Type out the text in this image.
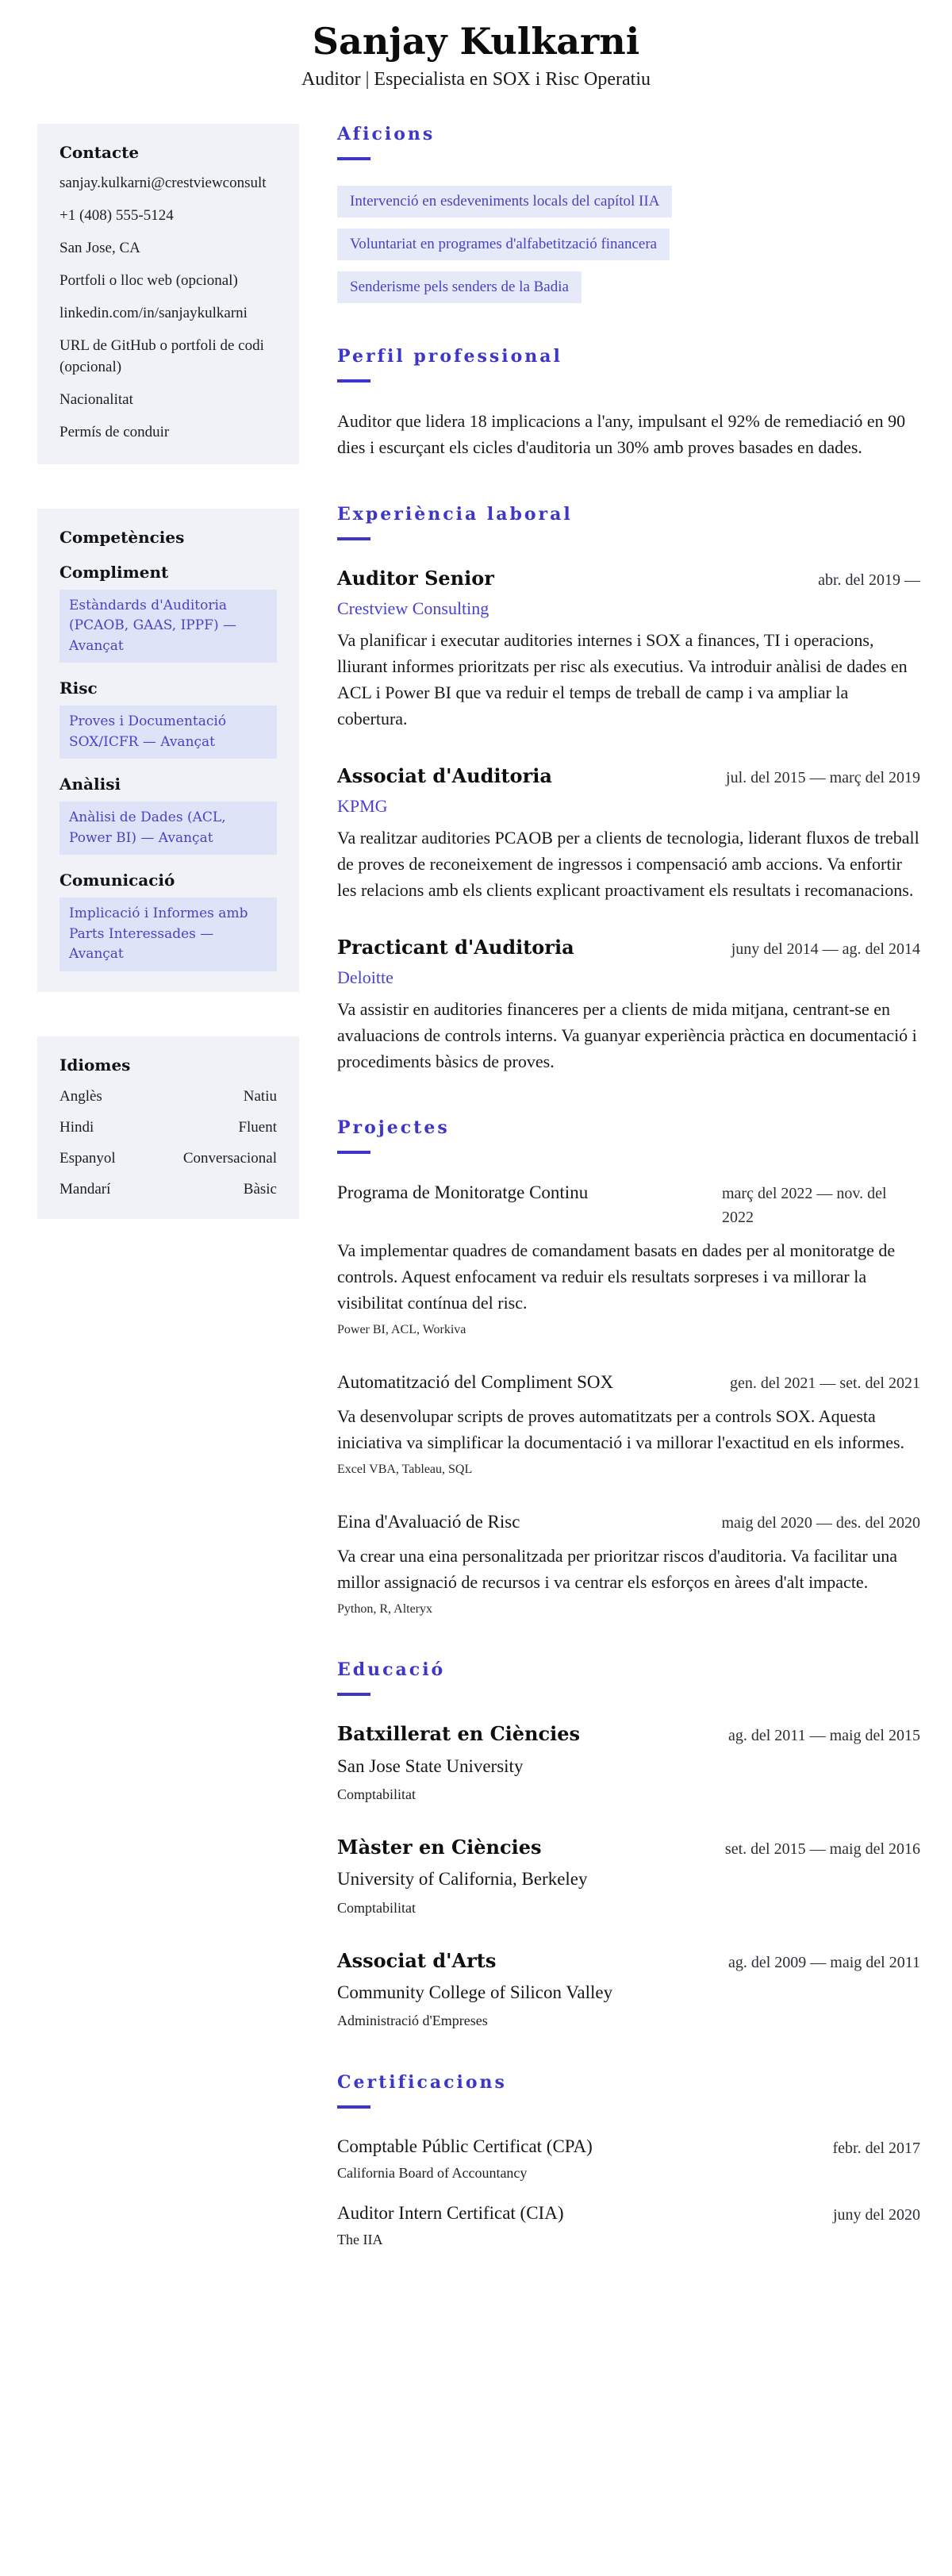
Sanjay Kulkarni
Auditor | Especialista en SOX i Risc Operatiu
Contacte
sanjay.kulkarni@crestviewconsult
+1 (408) 555-5124
San Jose, CA
Portfoli o lloc web (opcional)
linkedin.com/in/sanjaykulkarni
URL de GitHub o portfoli de codi (opcional)
Nacionalitat
Permís de conduir
Competències
Compliment
Estàndards d'Auditoria (PCAOB, GAAS, IPPF) — Avançat
Risc
Proves i Documentació SOX/ICFR — Avançat
Anàlisi
Anàlisi de Dades (ACL, Power BI) — Avançat
Comunicació
Implicació i Informes amb Parts Interessades — Avançat
Idiomes
Anglès	Natiu
Hindi	Fluent
Espanyol	Conversacional
Mandarí	Bàsic
Aficions
Intervenció en esdeveniments locals del capítol IIA
Voluntariat en programes d'alfabetització financera
Senderisme pels senders de la Badia
Perfil professional

Auditor que lidera 18 implicacions a l'any, impulsant el 92% de remediació en 90 dies i escurçant els cicles d'auditoria un 30% amb proves basades en dades.

Experiència laboral
Auditor Senior	abr. del 2019 —
Crestview Consulting
Va planificar i executar auditories internes i SOX a finances, TI i operacions, lliurant informes prioritzats per risc als executius. Va introduir anàlisi de dades en ACL i Power BI que va reduir el temps de treball de camp i va ampliar la cobertura.
Associat d'Auditoria	jul. del 2015 — març del 2019
KPMG
Va realitzar auditories PCAOB per a clients de tecnologia, liderant fluxos de treball de proves de reconeixement de ingressos i compensació amb accions. Va enfortir les relacions amb els clients explicant proactivament els resultats i recomanacions.
Practicant d'Auditoria	juny del 2014 — ag. del 2014
Deloitte
Va assistir en auditories financeres per a clients de mida mitjana, centrant-se en avaluacions de controls interns. Va guanyar experiència pràctica en documentació i procediments bàsics de proves.
Projectes
Programa de Monitoratge Continu	març del 2022 — nov. del 2022
Va implementar quadres de comandament basats en dades per al monitoratge de controls. Aquest enfocament va reduir els resultats sorpreses i va millorar la visibilitat contínua del risc.
Power BI, ACL, Workiva
Automatització del Compliment SOX	gen. del 2021 — set. del 2021
Va desenvolupar scripts de proves automatitzats per a controls SOX. Aquesta iniciativa va simplificar la documentació i va millorar l'exactitud en els informes.
Excel VBA, Tableau, SQL
Eina d'Avaluació de Risc	maig del 2020 — des. del 2020
Va crear una eina personalitzada per prioritzar riscos d'auditoria. Va facilitar una millor assignació de recursos i va centrar els esforços en àrees d'alt impacte.
Python, R, Alteryx
Educació
Batxillerat en Ciències
San Jose State University
Comptabilitat
ag. del 2011 — maig del 2015
Màster en Ciències
University of California, Berkeley
Comptabilitat
set. del 2015 — maig del 2016
Associat d'Arts
Community College of Silicon Valley
Administració d'Empreses
ag. del 2009 — maig del 2011
Certificacions
Comptable Públic Certificat (CPA)
California Board of Accountancy
febr. del 2017
Auditor Intern Certificat (CIA)
The IIA
juny del 2020
